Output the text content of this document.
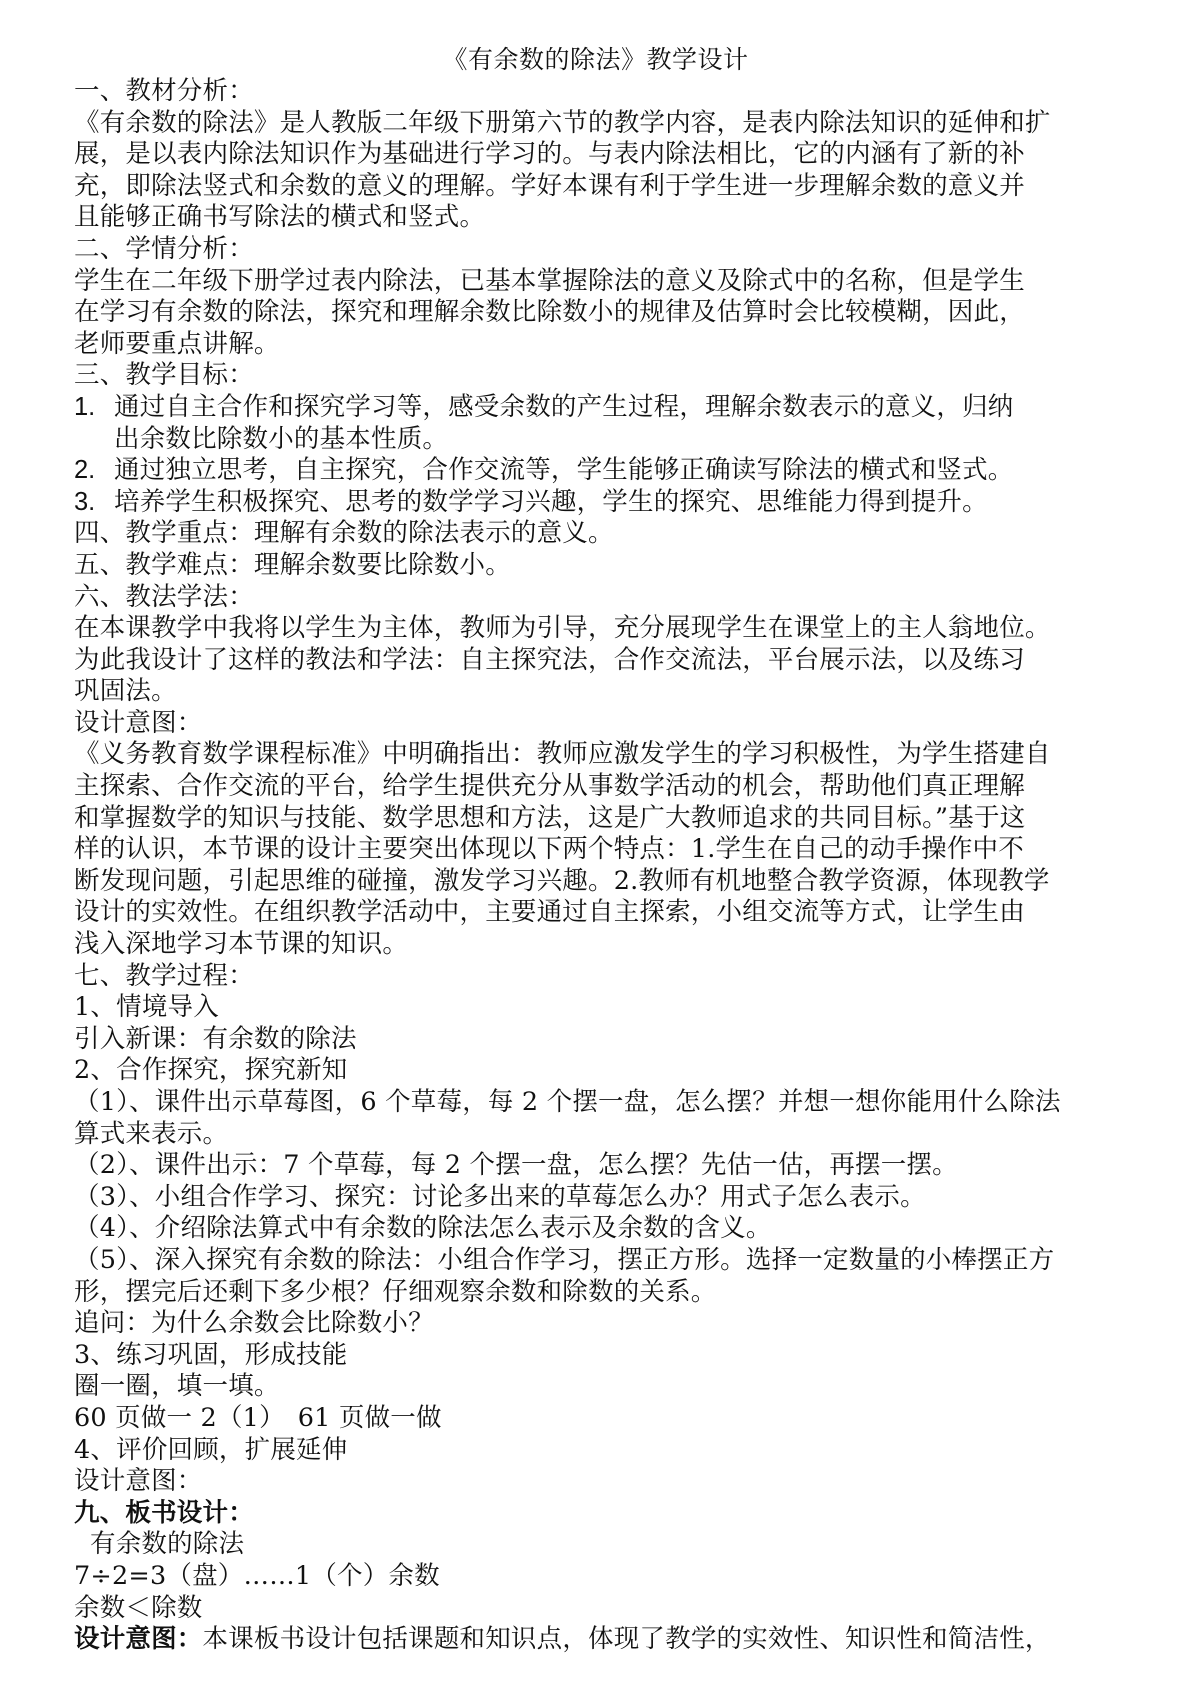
《有余数的除法》教学设计
一、教材分析：
《有余数的除法》是人教版二年级下册第六节的教学内容，是表内除法知识的延伸和扩
展，是以表内除法知识作为基础进行学习的。与表内除法相比，它的内涵有了新的补
充，即除法竖式和余数的意义的理解。学好本课有利于学生进一步理解余数的意义并
且能够正确书写除法的横式和竖式。
二、学情分析：
学生在二年级下册学过表内除法，已基本掌握除法的意义及除式中的名称，但是学生
在学习有余数的除法，探究和理解余数比除数小的规律及估算时会比较模糊，因此，
老师要重点讲解。
三、教学目标：
1. 通过自主合作和探究学习等，感受余数的产生过程，理解余数表示的意义，归纳
出余数比除数小的基本性质。
2. 通过独立思考，自主探究，合作交流等，学生能够正确读写除法的横式和竖式。
3. 培养学生积极探究、思考的数学学习兴趣，学生的探究、思维能力得到提升。
四、教学重点：理解有余数的除法表示的意义。
五、教学难点：理解余数要比除数小。
六、教法学法：
在本课教学中我将以学生为主体，教师为引导，充分展现学生在课堂上的主人翁地位。
为此我设计了这样的教法和学法：自主探究法，合作交流法，平台展示法，以及练习
巩固法。
设计意图：
《义务教育数学课程标准》中明确指出：教师应激发学生的学习积极性，为学生搭建自
主探索、合作交流的平台，给学生提供充分从事数学活动的机会，帮助他们真正理解
和掌握数学的知识与技能、数学思想和方法，这是广大教师追求的共同目标。”基于这
样的认识，本节课的设计主要突出体现以下两个特点：1.学生在自己的动手操作中不
断发现问题，引起思维的碰撞，激发学习兴趣。2.教师有机地整合教学资源，体现教学
设计的实效性。在组织教学活动中，主要通过自主探索，小组交流等方式，让学生由
浅入深地学习本节课的知识。
七、教学过程：
1、情境导入
引入新课：有余数的除法
2、合作探究，探究新知
（1）、课件出示草莓图，6 个草莓，每 2 个摆一盘，怎么摆？并想一想你能用什么除法
算式来表示。
（2）、课件出示：7 个草莓，每 2 个摆一盘，怎么摆？先估一估，再摆一摆。
（3）、小组合作学习、探究：讨论多出来的草莓怎么办？用式子怎么表示。
（4）、介绍除法算式中有余数的除法怎么表示及余数的含义。
（5）、深入探究有余数的除法：小组合作学习，摆正方形。选择一定数量的小棒摆正方
形，摆完后还剩下多少根？仔细观察余数和除数的关系。
追问：为什么余数会比除数小？
3、练习巩固，形成技能
圈一圈，填一填。
60 页做一 2（1）　61 页做一做
4、评价回顾，扩展延伸
设计意图：
九、板书设计：
有余数的除法
7÷2=3（盘）……1（个）余数
余数＜除数
设计意图：本课板书设计包括课题和知识点，体现了教学的实效性、知识性和简洁性，
